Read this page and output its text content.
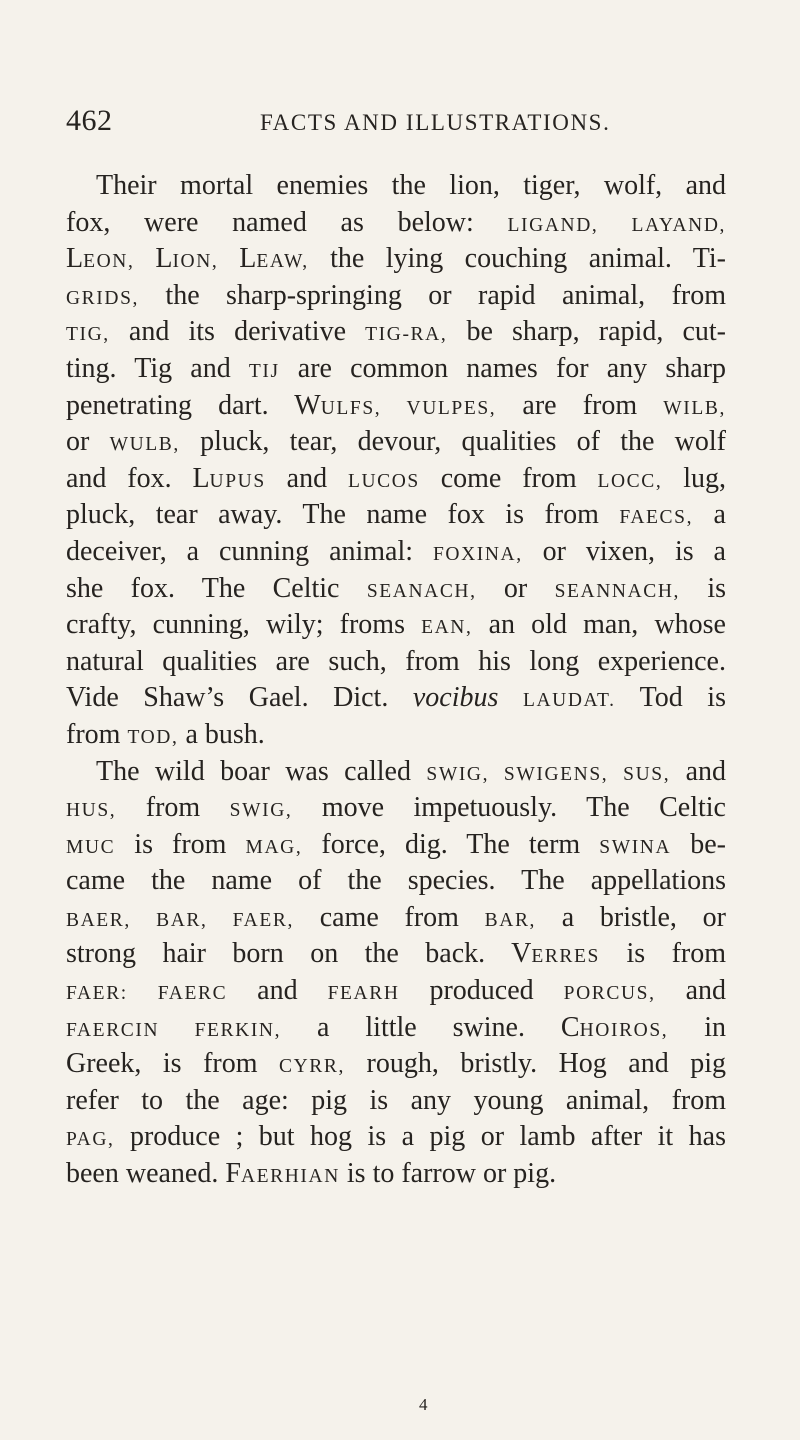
462	FACTS AND ILLUSTRATIONS.
Their mortal enemies the lion, tiger, wolf, and
fox, were named as below: LIGAND, LAYAND,
LEON, LION, LEAW, the lying couching animal. Ti-
GRIDS, the sharp-springing or rapid animal, from
TIG, and its derivative TIG-RA, be sharp, rapid, cut-
ting. Tig and TIJ are common names for any sharp
penetrating dart. WULFS, VULPES, are from WILB,
or WULB, pluck, tear, devour, qualities of the wolf
and fox. LUPUS and LUCOS come from LOCC, lug,
pluck, tear away. The name fox is from FAECS, a
deceiver, a cunning animal: FOXINA, or vixen, is a
she fox. The Celtic SEANACH, or SEANNACH, is
crafty, cunning, wily; froms EAN, an old man, whose
natural qualities are such, from his long experience.
Vide Shaw’s Gael. Dict. vocibus LAUDAT. Tod is
from TOD, a bush.
The wild boar was called SWIG, SWIGENS, SUS, and
HUS, from SWIG, move impetuously. The Celtic
MUC is from MAG, force, dig. The term SWINA be-
came the name of the species. The appellations
BAER, BAR, FAER, came from BAR, a bristle, or
strong hair born on the back. VERRES is from
FAER: FAERC and FEARH produced PORCUS, and
FAERCIN FERKIN, a little swine. CHOIROS, in
Greek, is from CYRR, rough, bristly. Hog and pig
refer to the age: pig is any young animal, from
PAG, produce ; but hog is a pig or lamb after it has
been weaned. FAERHIAN is to farrow or pig.
4
